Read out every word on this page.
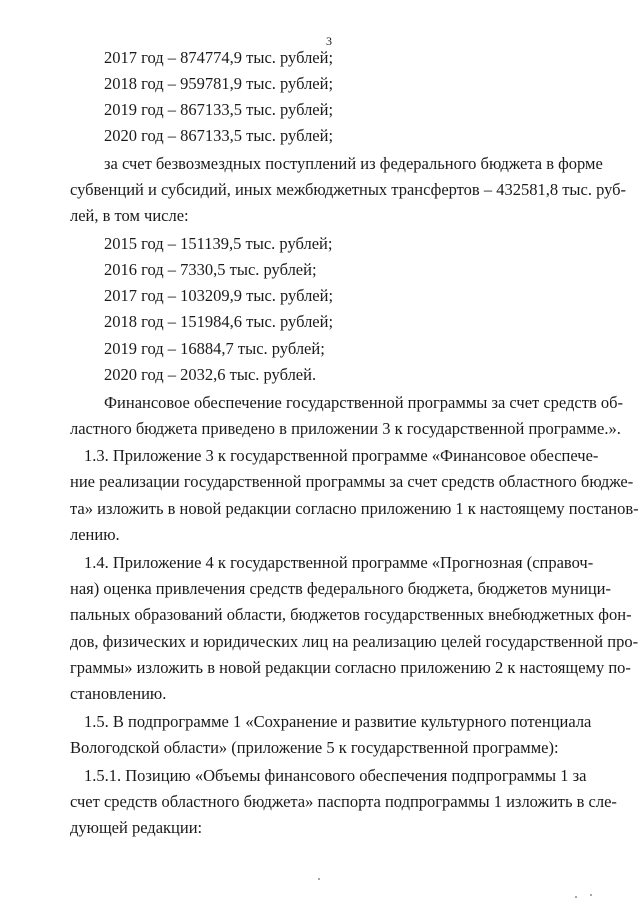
3
2017 год – 874774,9 тыс. рублей;
2018 год – 959781,9 тыс. рублей;
2019 год – 867133,5 тыс. рублей;
2020 год – 867133,5 тыс. рублей;
за счет безвозмездных поступлений из федерального бюджета в форме
субвенций и субсидий, иных межбюджетных трансфертов – 432581,8 тыс. руб-
лей, в том числе:
2015 год – 151139,5 тыс. рублей;
2016 год – 7330,5 тыс. рублей;
2017 год – 103209,9 тыс. рублей;
2018 год – 151984,6 тыс. рублей;
2019 год – 16884,7 тыс. рублей;
2020 год – 2032,6 тыс. рублей.
Финансовое обеспечение государственной программы за счет средств об-
ластного бюджета приведено в приложении 3 к государственной программе.».
1.3. Приложение 3 к государственной программе «Финансовое обеспече-
ние реализации государственной программы за счет средств областного бюдже-
та» изложить в новой редакции согласно приложению 1 к настоящему постанов-
лению.
1.4. Приложение 4 к государственной программе «Прогнозная (справоч-
ная) оценка привлечения средств федерального бюджета, бюджетов муници-
пальных образований области, бюджетов государственных внебюджетных фон-
дов, физических и юридических лиц на реализацию целей государственной про-
граммы» изложить в новой редакции согласно приложению 2 к настоящему по-
становлению.
1.5. В подпрограмме 1 «Сохранение и развитие культурного потенциала
Вологодской области» (приложение 5 к государственной программе):
1.5.1. Позицию «Объемы финансового обеспечения подпрограммы 1 за
счет средств областного бюджета» паспорта подпрограммы 1 изложить в сле-
дующей редакции:
